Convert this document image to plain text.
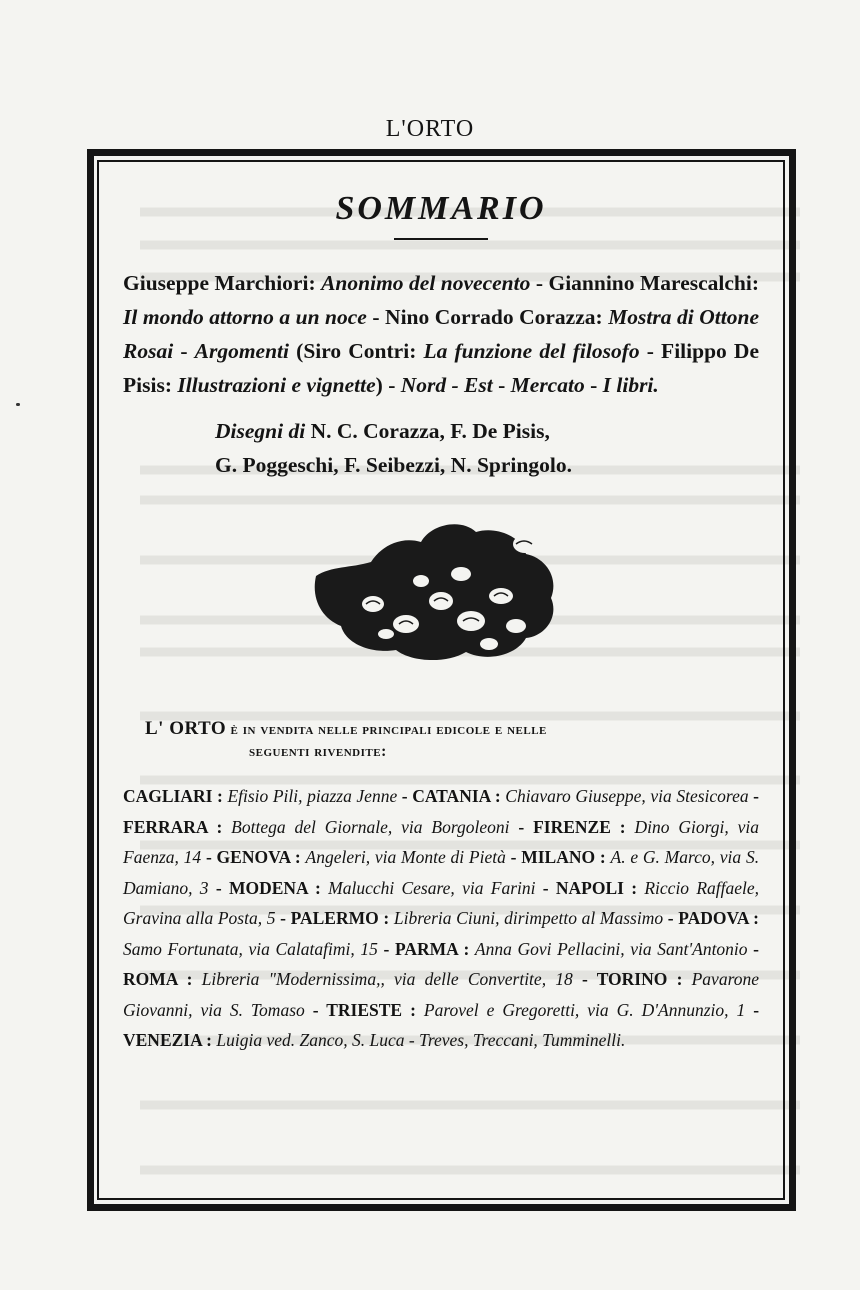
L'ORTO
SOMMARIO

Giuseppe Marchiori: Anonimo del novecento - Giannino Marescalchi: Il mondo attorno a un noce - Nino Corrado Corazza: Mostra di Ottone Rosai - Argomenti (Siro Contri: La funzione del filosofo - Filippo De Pisis: Illustrazioni e vignette) - Nord - Est - Mercato - I libri.

Disegni di N. C. Corazza, F. De Pisis,
G. Poggeschi, F. Seibezzi, N. Springolo.

L' ORTO è in vendita nelle principali edicole e nelle
seguenti rivendite:

CAGLIARI : Efisio Pili, piazza Jenne - CATANIA : Chiavaro Giuseppe, via Stesicorea - FERRARA : Bottega del Giornale, via Borgoleoni - FIRENZE : Dino Giorgi, via Faenza, 14 - GENOVA : Angeleri, via Monte di Pietà - MILANO : A. e G. Marco, via S. Damiano, 3 - MODENA : Malucchi Cesare, via Farini - NAPOLI : Riccio Raffaele, Gravina alla Posta, 5 - PALERMO : Libreria Ciuni, dirimpetto al Massimo - PADOVA : Samo Fortunata, via Calatafimi, 15 - PARMA : Anna Govi Pellacini, via Sant'Antonio - ROMA : Libreria "Modernissima,, via delle Convertite, 18 - TORINO : Pavarone Giovanni, via S. Tomaso - TRIESTE : Parovel e Gregoretti, via G. D'Annunzio, 1 - VENEZIA : Luigia ved. Zanco, S. Luca - Treves, Treccani, Tumminelli.
